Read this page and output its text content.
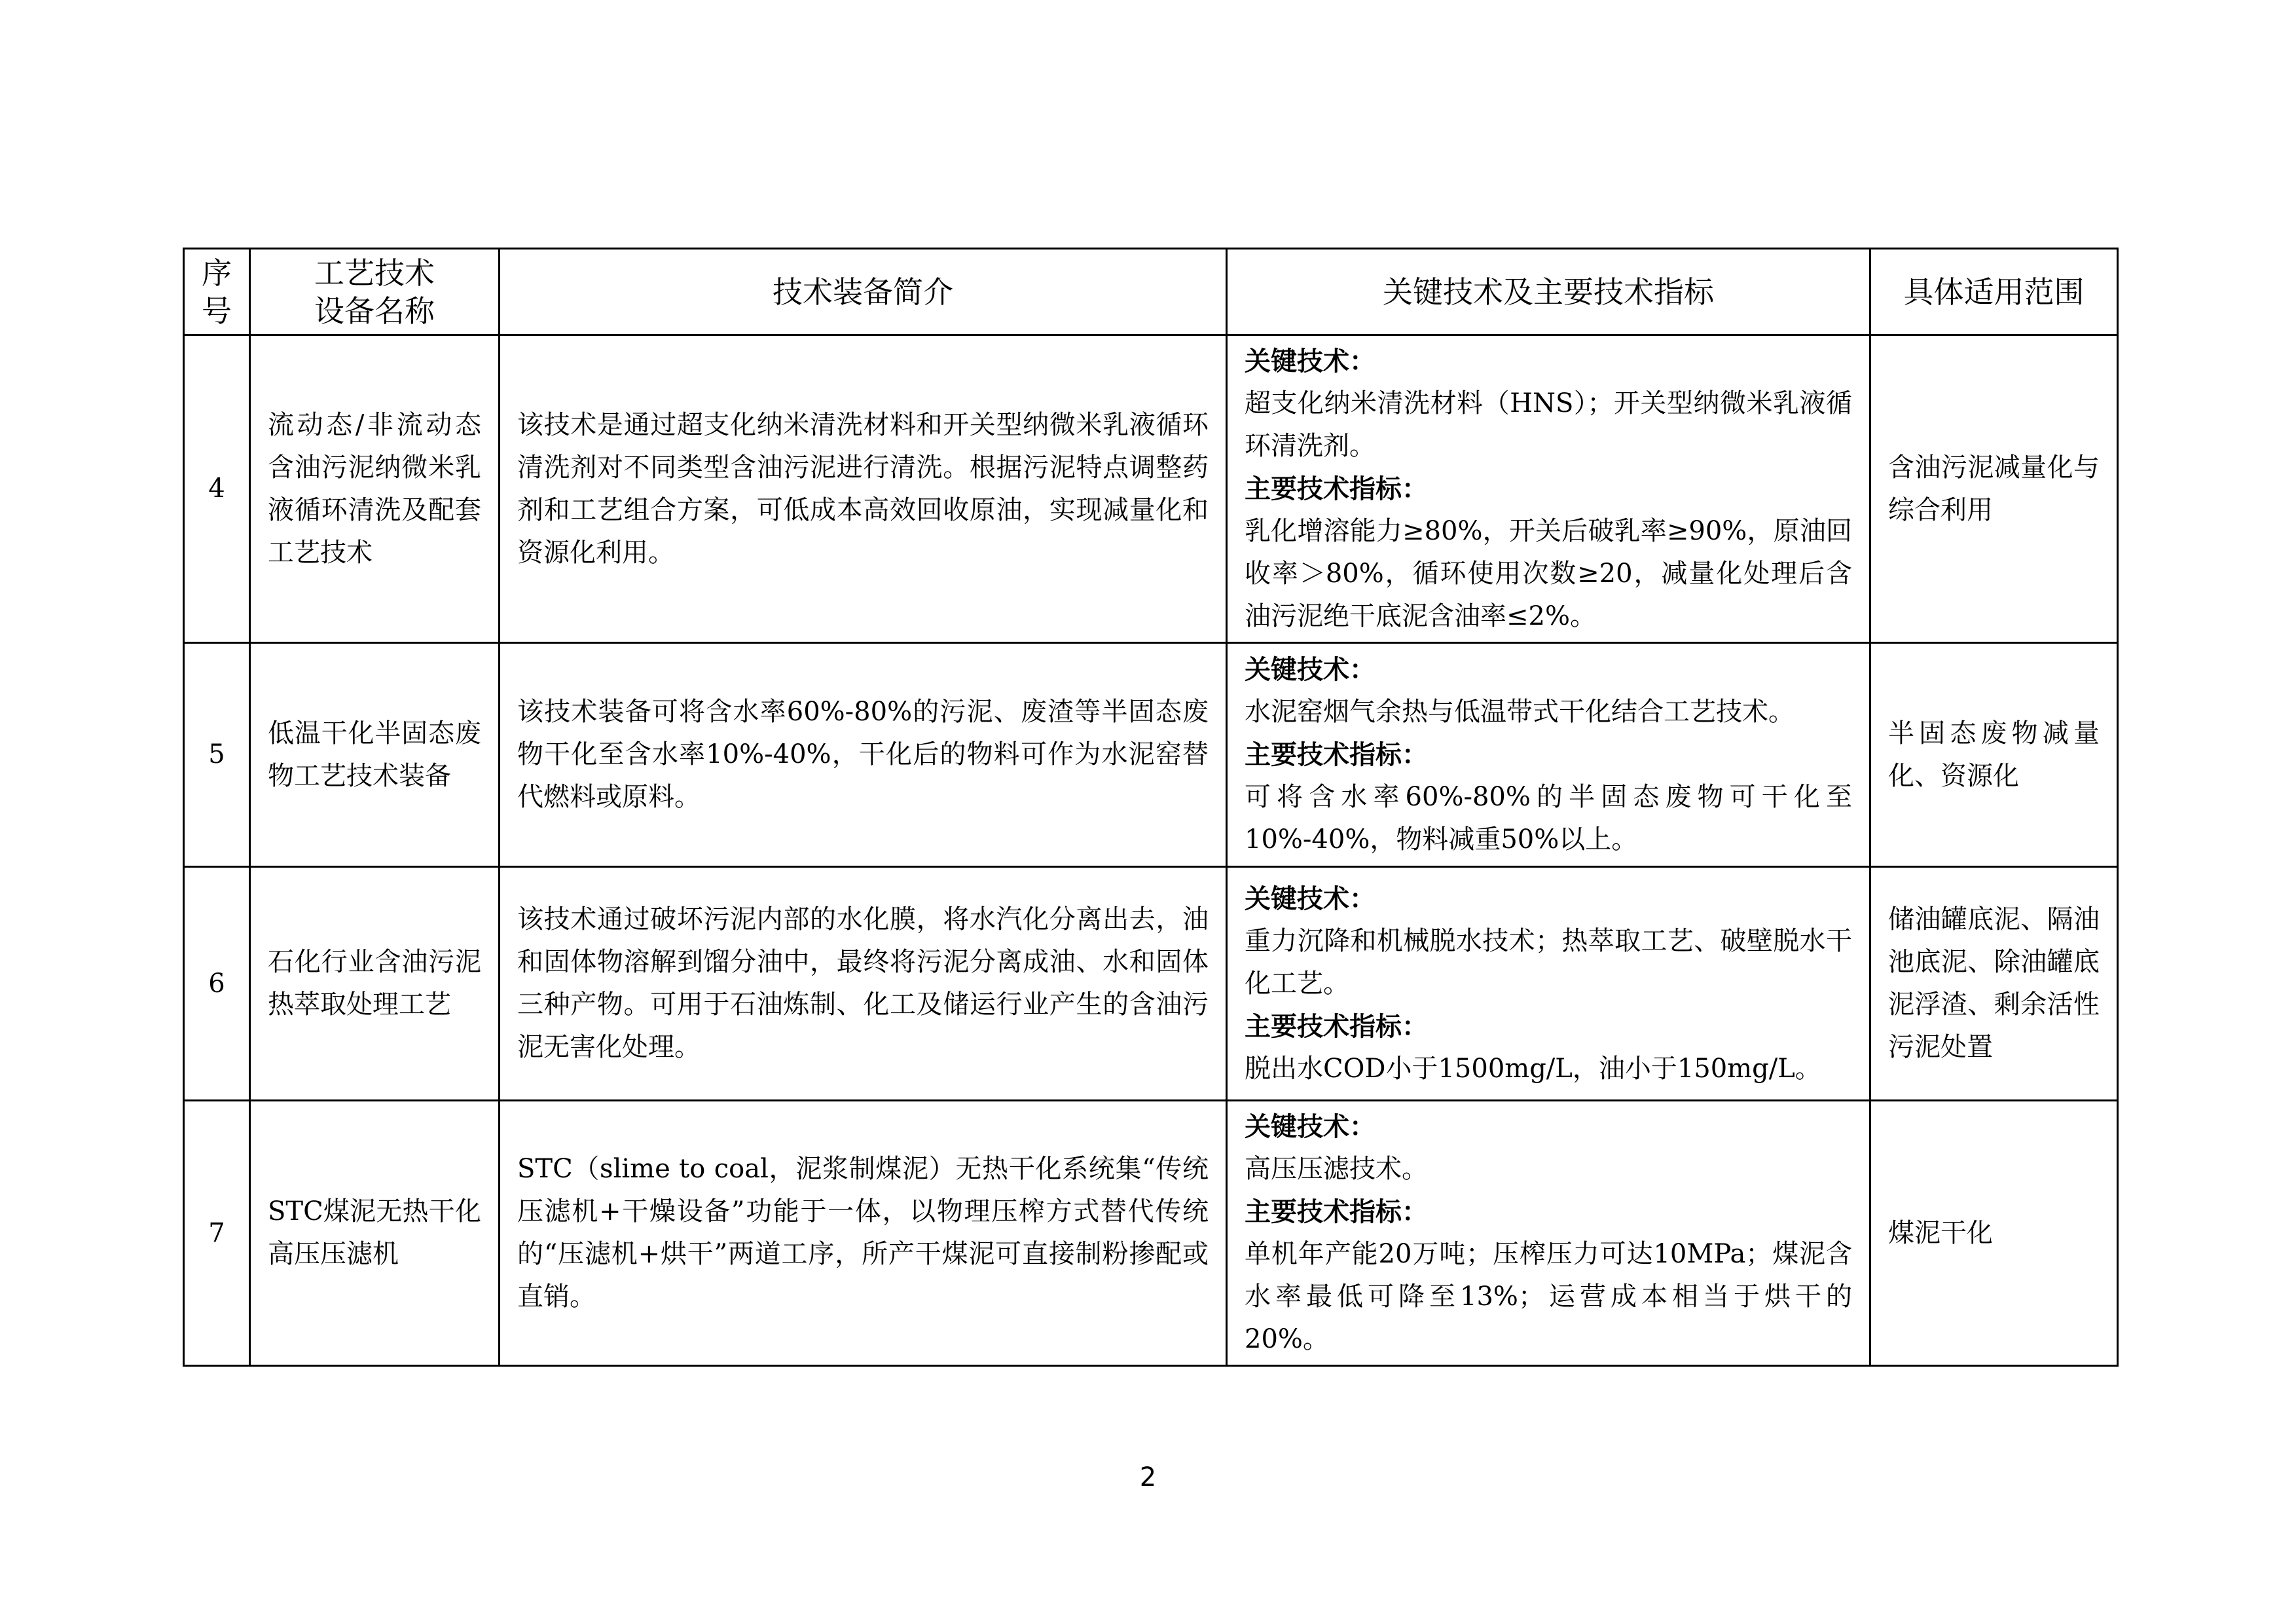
序
号	工艺技术
设备名称	技术装备简介	关键技术及主要技术指标	具体适用范围
4	流动态/非流动态含油污泥纳微米乳液循环清洗及配套工艺技术	该技术是通过超支化纳米清洗材料和开关型纳微米乳液循环清洗剂对不同类型含油污泥进行清洗。根据污泥特点调整药剂和工艺组合方案，可低成本高效回收原油，实现减量化和资源化利用。	关键技术：
超支化纳米清洗材料（HNS）；开关型纳微米乳液循环清洗剂。
主要技术指标：
乳化增溶能力≥80%，开关后破乳率≥90%，原油回收率＞80%，循环使用次数≥20，减量化处理后含油污泥绝干底泥含油率≤2%。	含油污泥减量化与综合利用
5	低温干化半固态废物工艺技术装备	该技术装备可将含水率60%-80%的污泥、废渣等半固态废物干化至含水率10%-40%，干化后的物料可作为水泥窑替代燃料或原料。	关键技术：
水泥窑烟气余热与低温带式干化结合工艺技术。
主要技术指标：
可将含水率60%-80%的半固态废物可干化至10%-40%，物料减重50%以上。	半固态废物减量化、资源化
6	石化行业含油污泥热萃取处理工艺	该技术通过破坏污泥内部的水化膜，将水汽化分离出去，油和固体物溶解到馏分油中，最终将污泥分离成油、水和固体三种产物。可用于石油炼制、化工及储运行业产生的含油污泥无害化处理。	关键技术：
重力沉降和机械脱水技术；热萃取工艺、破壁脱水干化工艺。
主要技术指标：
脱出水COD小于1500mg/L，油小于150mg/L。	储油罐底泥、隔油池底泥、除油罐底泥浮渣、剩余活性污泥处置
7	STC煤泥无热干化高压压滤机	STC（slime to coal，泥浆制煤泥）无热干化系统集“传统压滤机+干燥设备”功能于一体，以物理压榨方式替代传统的“压滤机+烘干”两道工序，所产干煤泥可直接制粉掺配或直销。	关键技术：
高压压滤技术。
主要技术指标：
单机年产能20万吨；压榨压力可达10MPa；煤泥含水率最低可降至13%；运营成本相当于烘干的20%。	煤泥干化
2
